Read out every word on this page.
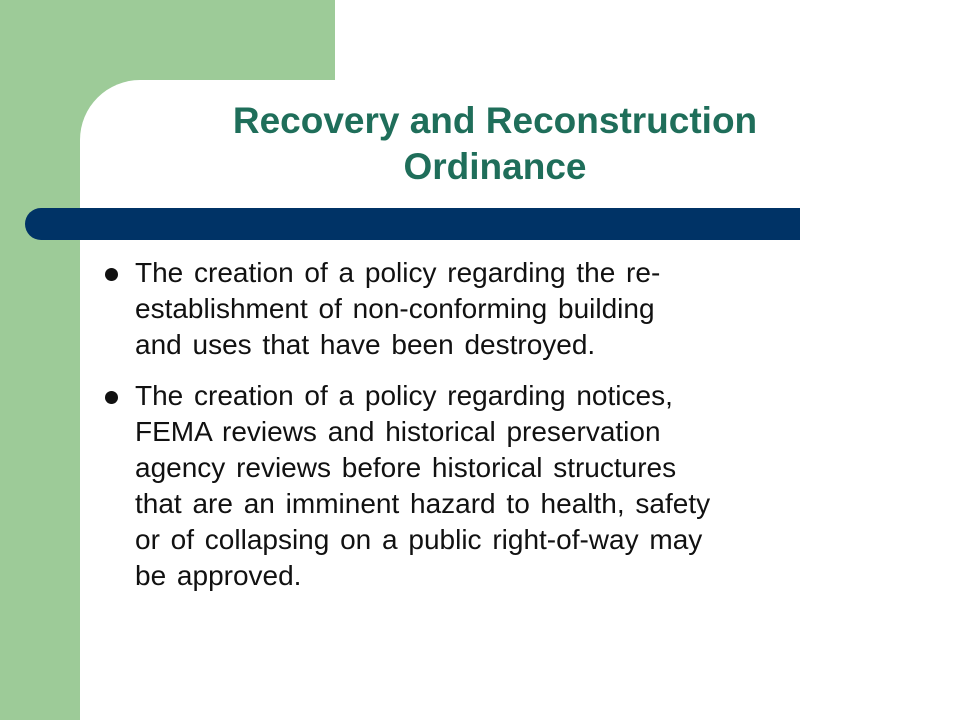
Recovery and Reconstruction
Ordinance
The creation of a policy regarding the re-
establishment of non-conforming building
and uses that have been destroyed.
The creation of a policy regarding notices,
FEMA reviews and historical preservation
agency reviews before historical structures
that are an imminent hazard to health, safety
or of collapsing on a public right-of-way may
be approved.
